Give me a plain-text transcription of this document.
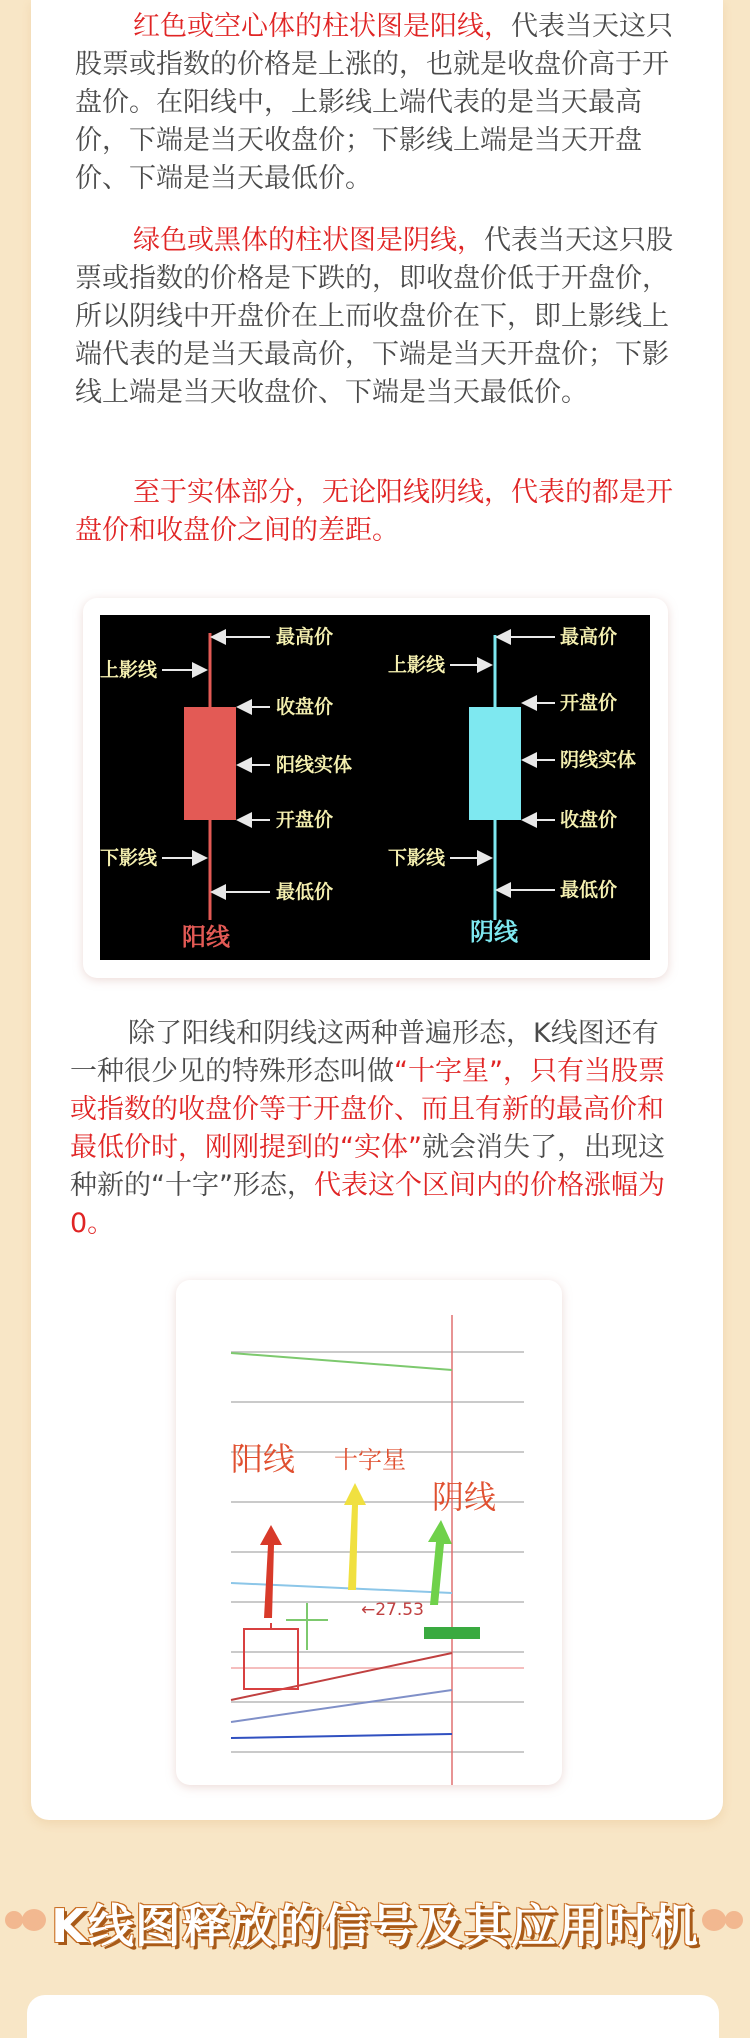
红色或空心体的柱状图是阳线，代表当天这只股票或指数的价格是上涨的，也就是收盘价高于开盘价。在阳线中，上影线上端代表的是当天最高价，下端是当天收盘价；下影线上端是当天开盘价、下端是当天最低价。

绿色或黑体的柱状图是阴线，代表当天这只股票或指数的价格是下跌的，即收盘价低于开盘价，所以阴线中开盘价在上而收盘价在下，即上影线上端代表的是当天最高价，下端是当天开盘价；下影线上端是当天收盘价、下端是当天最低价。

至于实体部分，无论阳线阴线，代表的都是开盘价和收盘价之间的差距。

最高价
收盘价
阳线实体
开盘价
最低价
上影线
下影线
最高价
开盘价
阴线实体
收盘价
最低价
上影线
下影线
阳线	阴线

除了阳线和阴线这两种普遍形态，K线图还有一种很少见的特殊形态叫做“十字星”，只有当股票或指数的收盘价等于开盘价、而且有新的最高价和最低价时，刚刚提到的“实体”就会消失了，出现这种新的“十字”形态，代表这个区间内的价格涨幅为0。

阳线 十字星
阴线
←27.53
K线图释放的信号及其应用时机
